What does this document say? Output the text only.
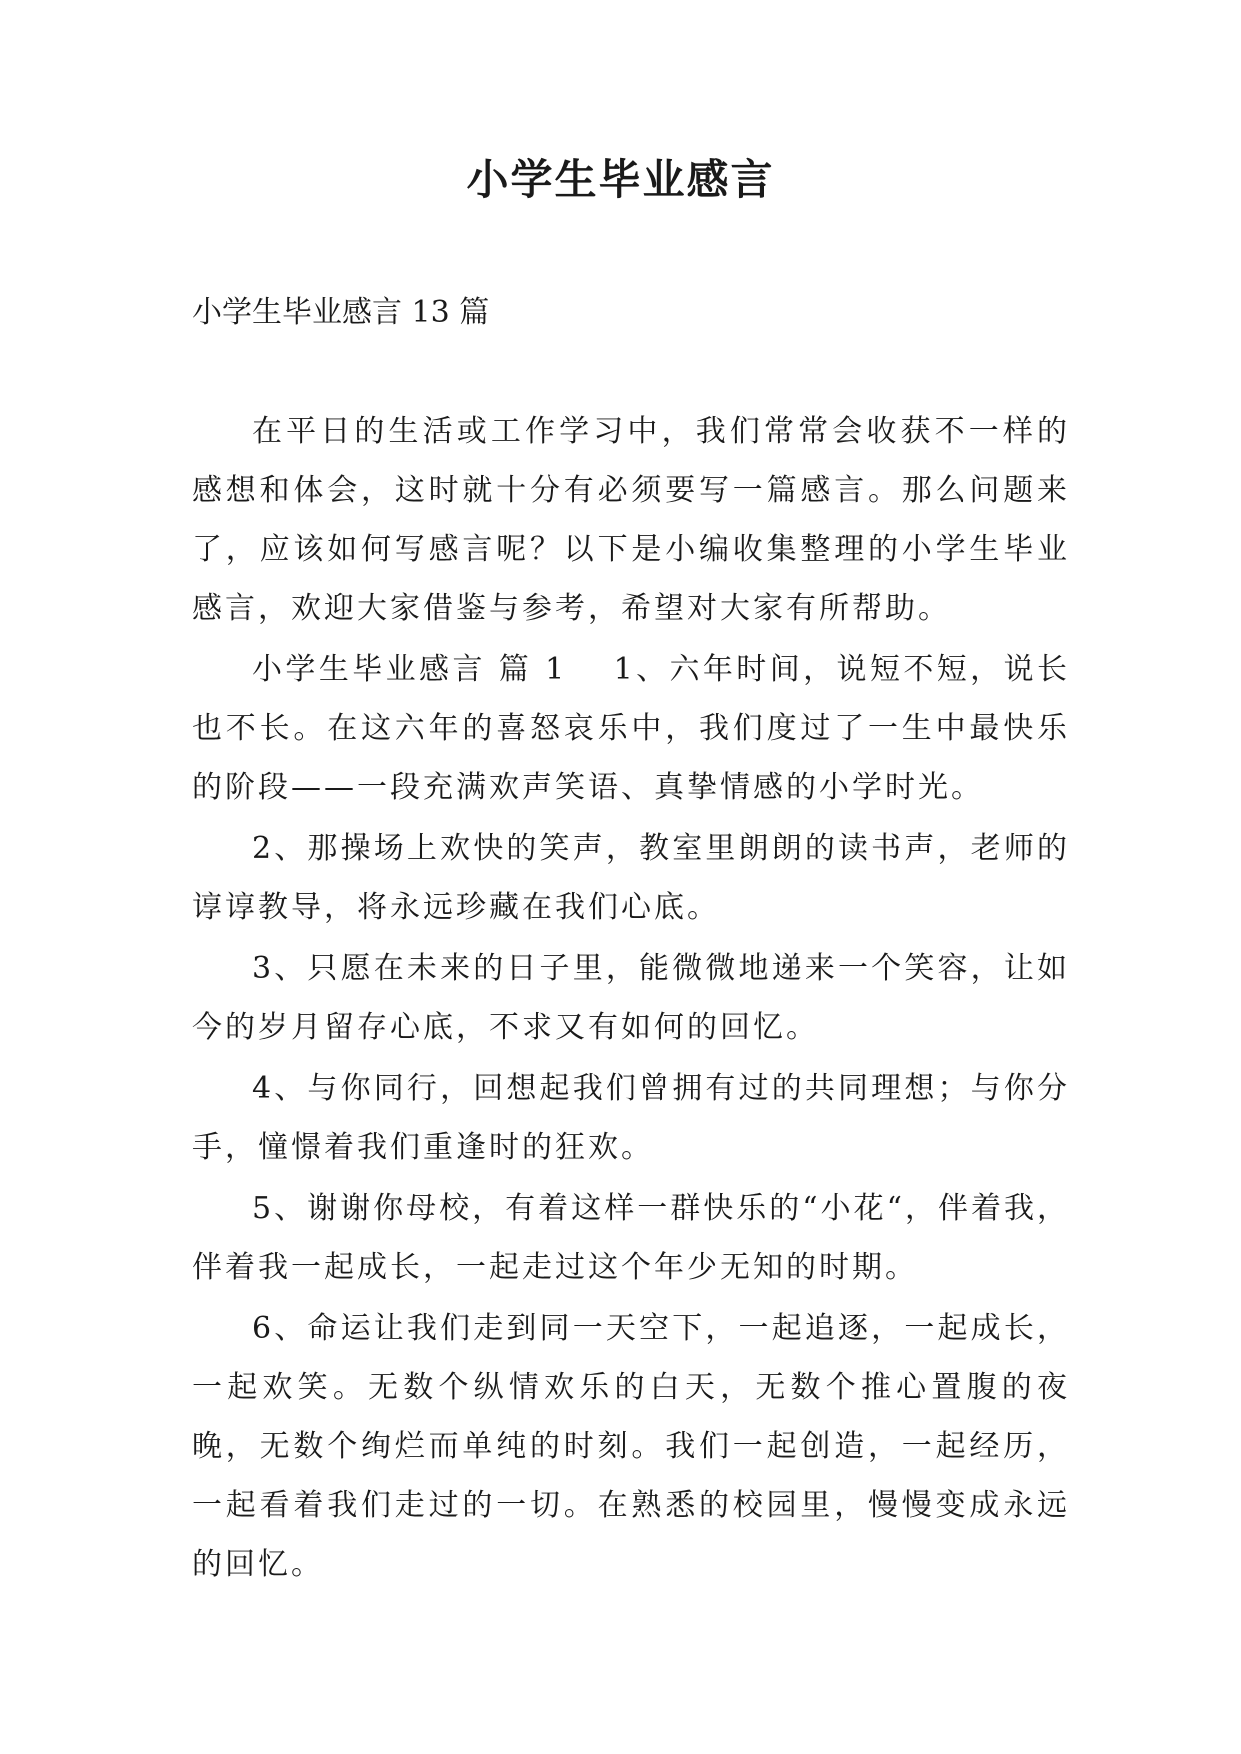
小学生毕业感言
小学生毕业感言 13 篇

在平日的生活或工作学习中，我们常常会收获不一样的感想和体会，这时就十分有必须要写一篇感言。那么问题来了，应该如何写感言呢？以下是小编收集整理的小学生毕业感言，欢迎大家借鉴与参考，希望对大家有所帮助。

小学生毕业感言 篇 1 　1、六年时间，说短不短，说长也不长。在这六年的喜怒哀乐中，我们度过了一生中最快乐的阶段——一段充满欢声笑语、真挚情感的小学时光。

2、那操场上欢快的笑声，教室里朗朗的读书声，老师的谆谆教导，将永远珍藏在我们心底。

3、只愿在未来的日子里，能微微地递来一个笑容，让如今的岁月留存心底，不求又有如何的回忆。

4、与你同行，回想起我们曾拥有过的共同理想；与你分手，憧憬着我们重逢时的狂欢。

5、谢谢你母校，有着这样一群快乐的“小花“，伴着我，伴着我一起成长，一起走过这个年少无知的时期。

6、命运让我们走到同一天空下，一起追逐，一起成长，一起欢笑。无数个纵情欢乐的白天，无数个推心置腹的夜晚，无数个绚烂而单纯的时刻。我们一起创造，一起经历，一起看着我们走过的一切。在熟悉的校园里，慢慢变成永远的回忆。
